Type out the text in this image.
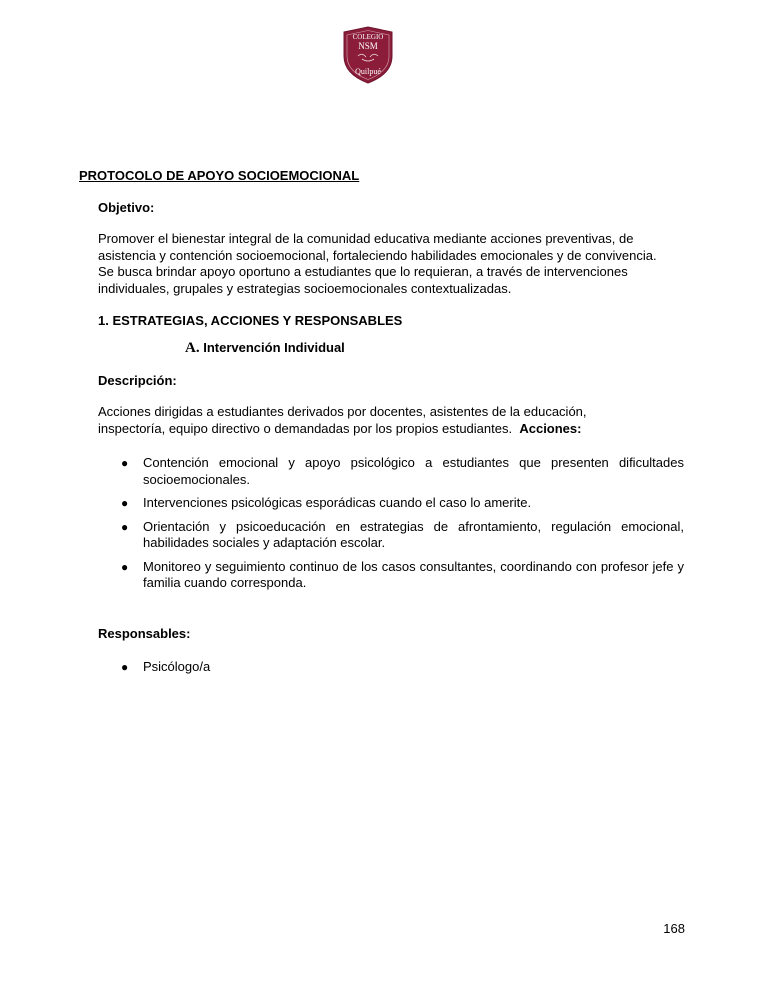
COLEGIO
NSM
Quilpué
PROTOCOLO DE APOYO SOCIOEMOCIONAL
Objetivo:
Promover el bienestar integral de la comunidad educativa mediante acciones preventivas, de asistencia y contención socioemocional, fortaleciendo habilidades emocionales y de convivencia. Se busca brindar apoyo oportuno a estudiantes que lo requieran, a través de intervenciones individuales, grupales y estrategias socioemocionales contextualizadas.
1. ESTRATEGIAS, ACCIONES Y RESPONSABLES
A. Intervención Individual
Descripción:
Acciones dirigidas a estudiantes derivados por docentes, asistentes de la educación, inspectoría, equipo directivo o demandadas por los propios estudiantes. Acciones:
● Contención emocional y apoyo psicológico a estudiantes que presenten dificultades socioemocionales.
● Intervenciones psicológicas esporádicas cuando el caso lo amerite.
● Orientación y psicoeducación en estrategias de afrontamiento, regulación emocional, habilidades sociales y adaptación escolar.
● Monitoreo y seguimiento continuo de los casos consultantes, coordinando con profesor jefe y familia cuando corresponda.
Responsables:
● Psicólogo/a
168
